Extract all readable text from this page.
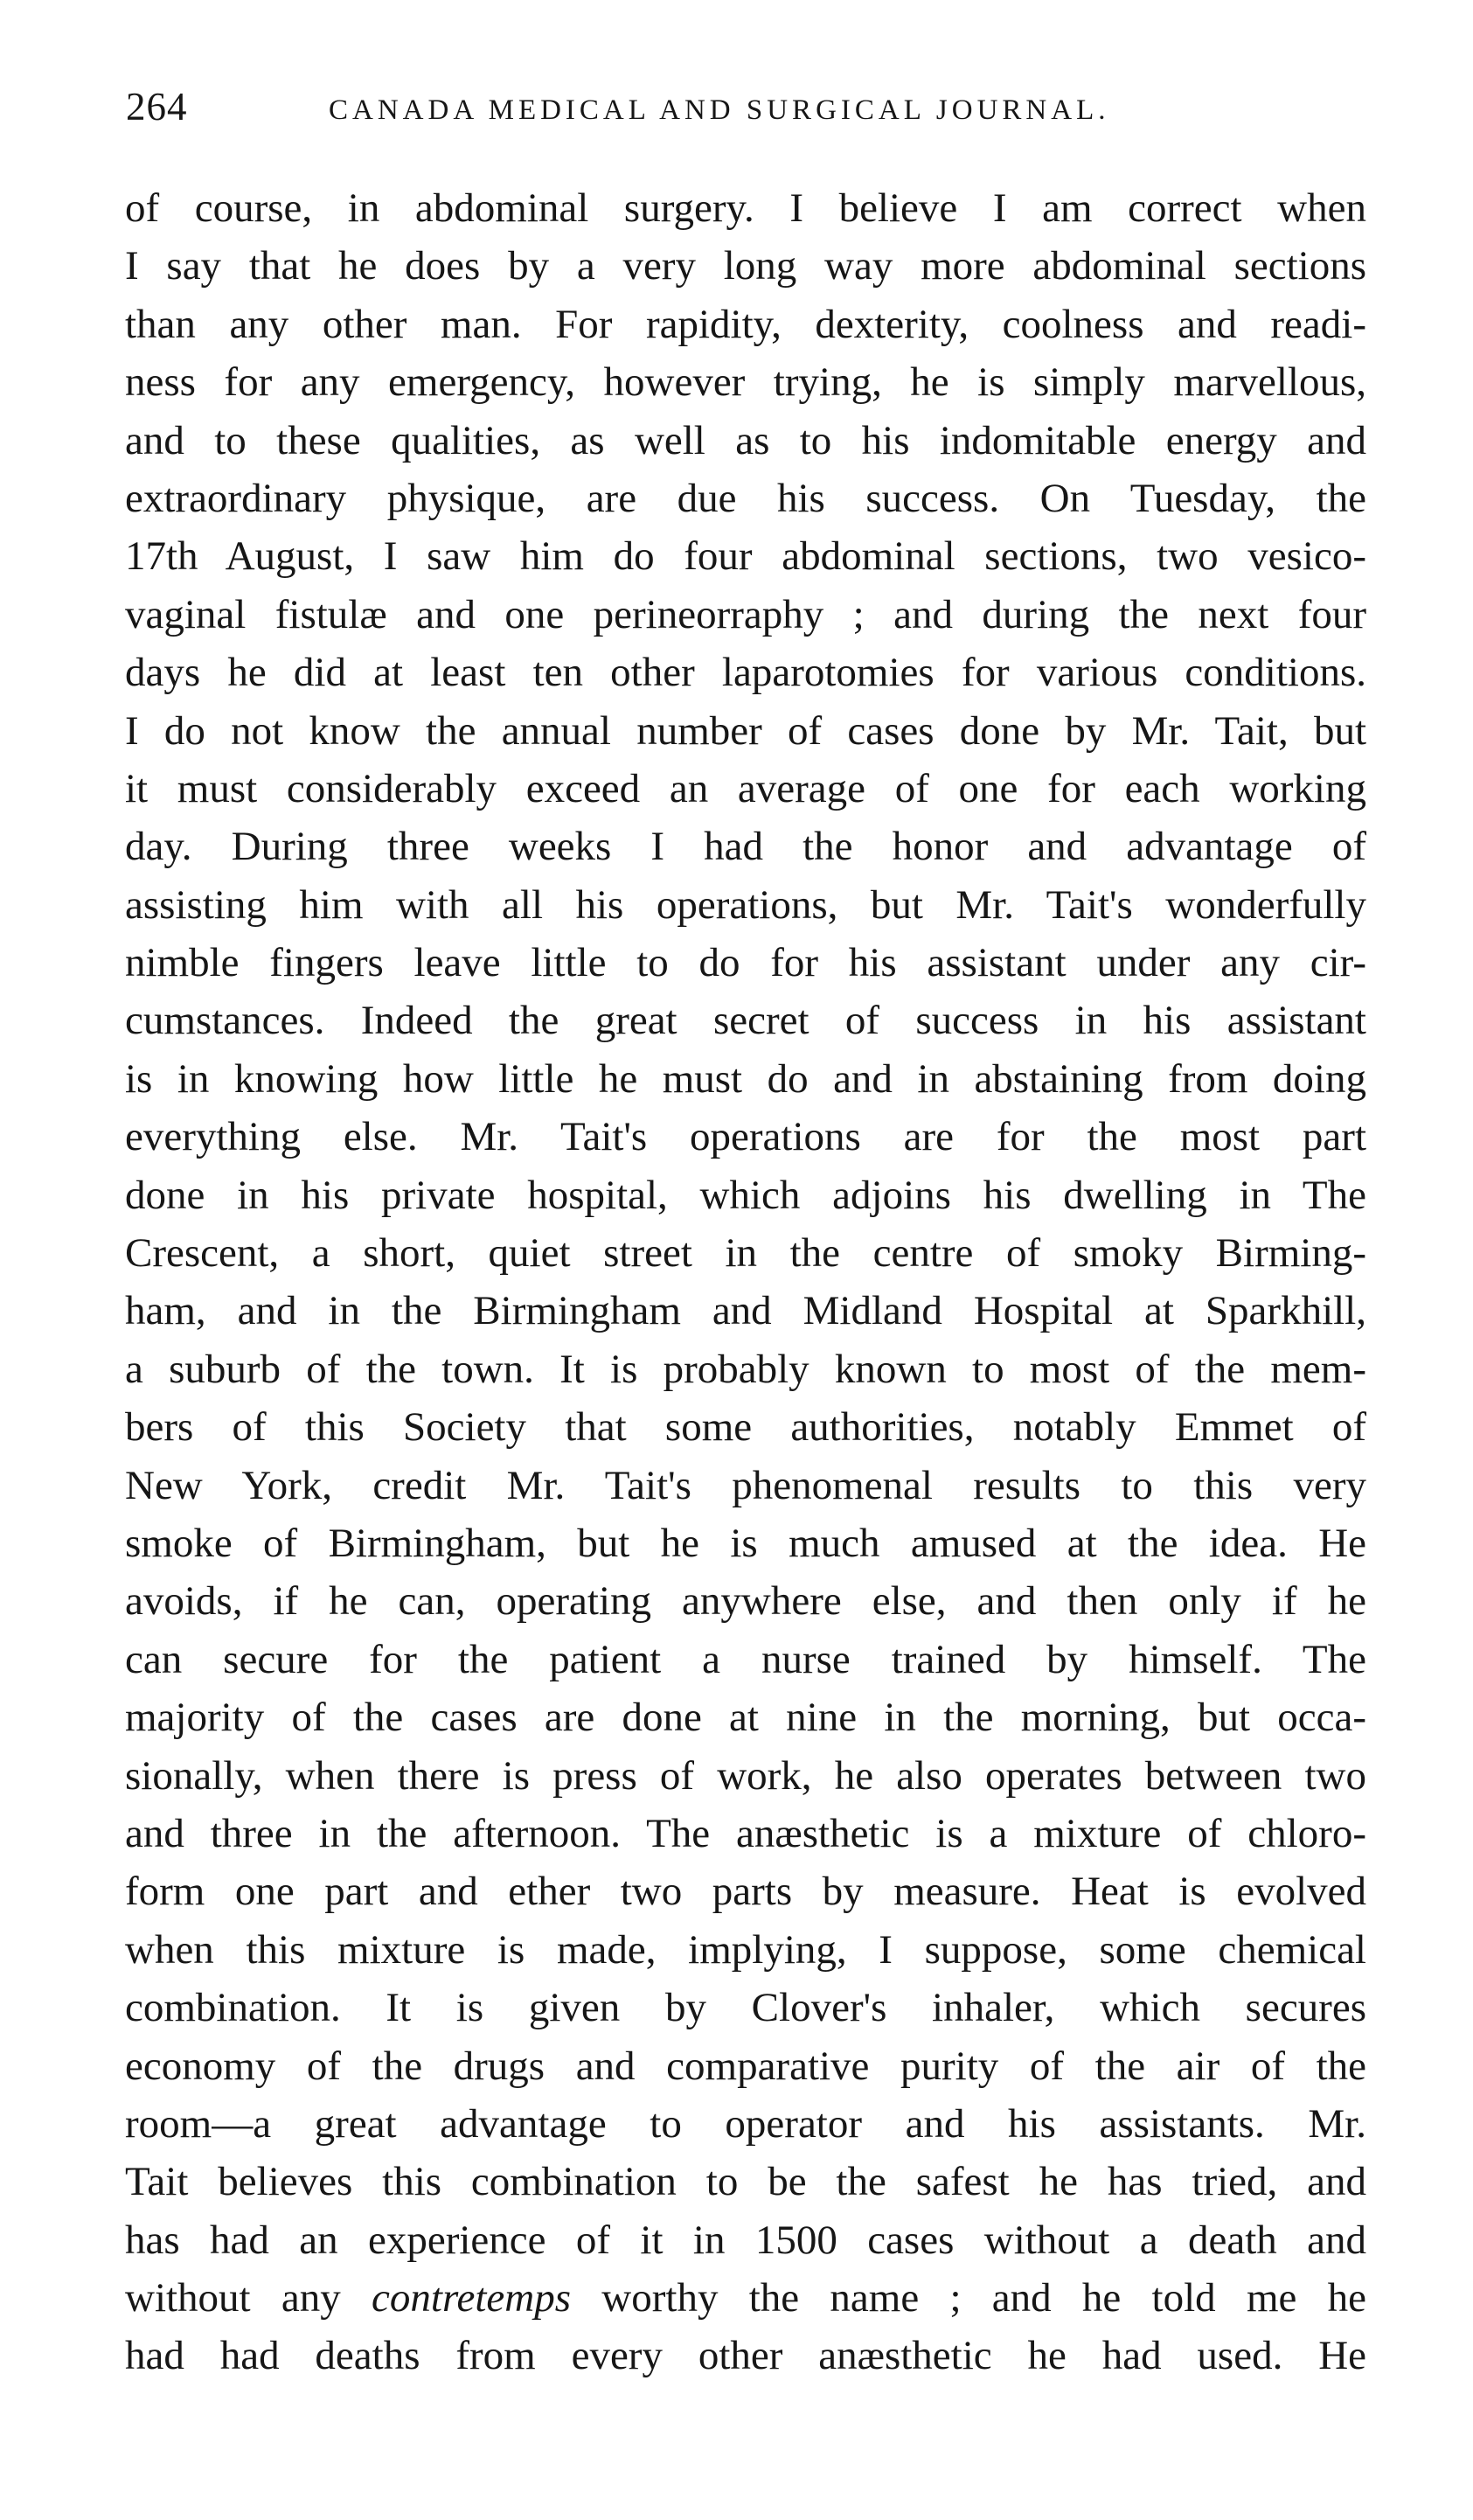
264	CANADA MEDICAL AND SURGICAL JOURNAL.
of course, in abdominal surgery. I believe I am correct when
I say that he does by a very long way more abdominal sections
than any other man. For rapidity, dexterity, coolness and readi-
ness for any emergency, however trying, he is simply marvellous,
and to these qualities, as well as to his indomitable energy and
extraordinary physique, are due his success. On Tuesday, the
17th August, I saw him do four abdominal sections, two vesico-
vaginal fistulæ and one perineorraphy ; and during the next four
days he did at least ten other laparotomies for various conditions.
I do not know the annual number of cases done by Mr. Tait, but
it must considerably exceed an average of one for each working
day. During three weeks I had the honor and advantage of
assisting him with all his operations, but Mr. Tait's wonderfully
nimble fingers leave little to do for his assistant under any cir-
cumstances. Indeed the great secret of success in his assistant
is in knowing how little he must do and in abstaining from doing
everything else. Mr. Tait's operations are for the most part
done in his private hospital, which adjoins his dwelling in The
Crescent, a short, quiet street in the centre of smoky Birming-
ham, and in the Birmingham and Midland Hospital at Sparkhill,
a suburb of the town. It is probably known to most of the mem-
bers of this Society that some authorities, notably Emmet of
New York, credit Mr. Tait's phenomenal results to this very
smoke of Birmingham, but he is much amused at the idea. He
avoids, if he can, operating anywhere else, and then only if he
can secure for the patient a nurse trained by himself. The
majority of the cases are done at nine in the morning, but occa-
sionally, when there is press of work, he also operates between two
and three in the afternoon. The anæsthetic is a mixture of chloro-
form one part and ether two parts by measure. Heat is evolved
when this mixture is made, implying, I suppose, some chemical
combination. It is given by Clover's inhaler, which secures
economy of the drugs and comparative purity of the air of the
room—a great advantage to operator and his assistants. Mr.
Tait believes this combination to be the safest he has tried, and
has had an experience of it in 1500 cases without a death and
without any contretemps worthy the name ; and he told me he
had had deaths from every other anæsthetic he had used. He
